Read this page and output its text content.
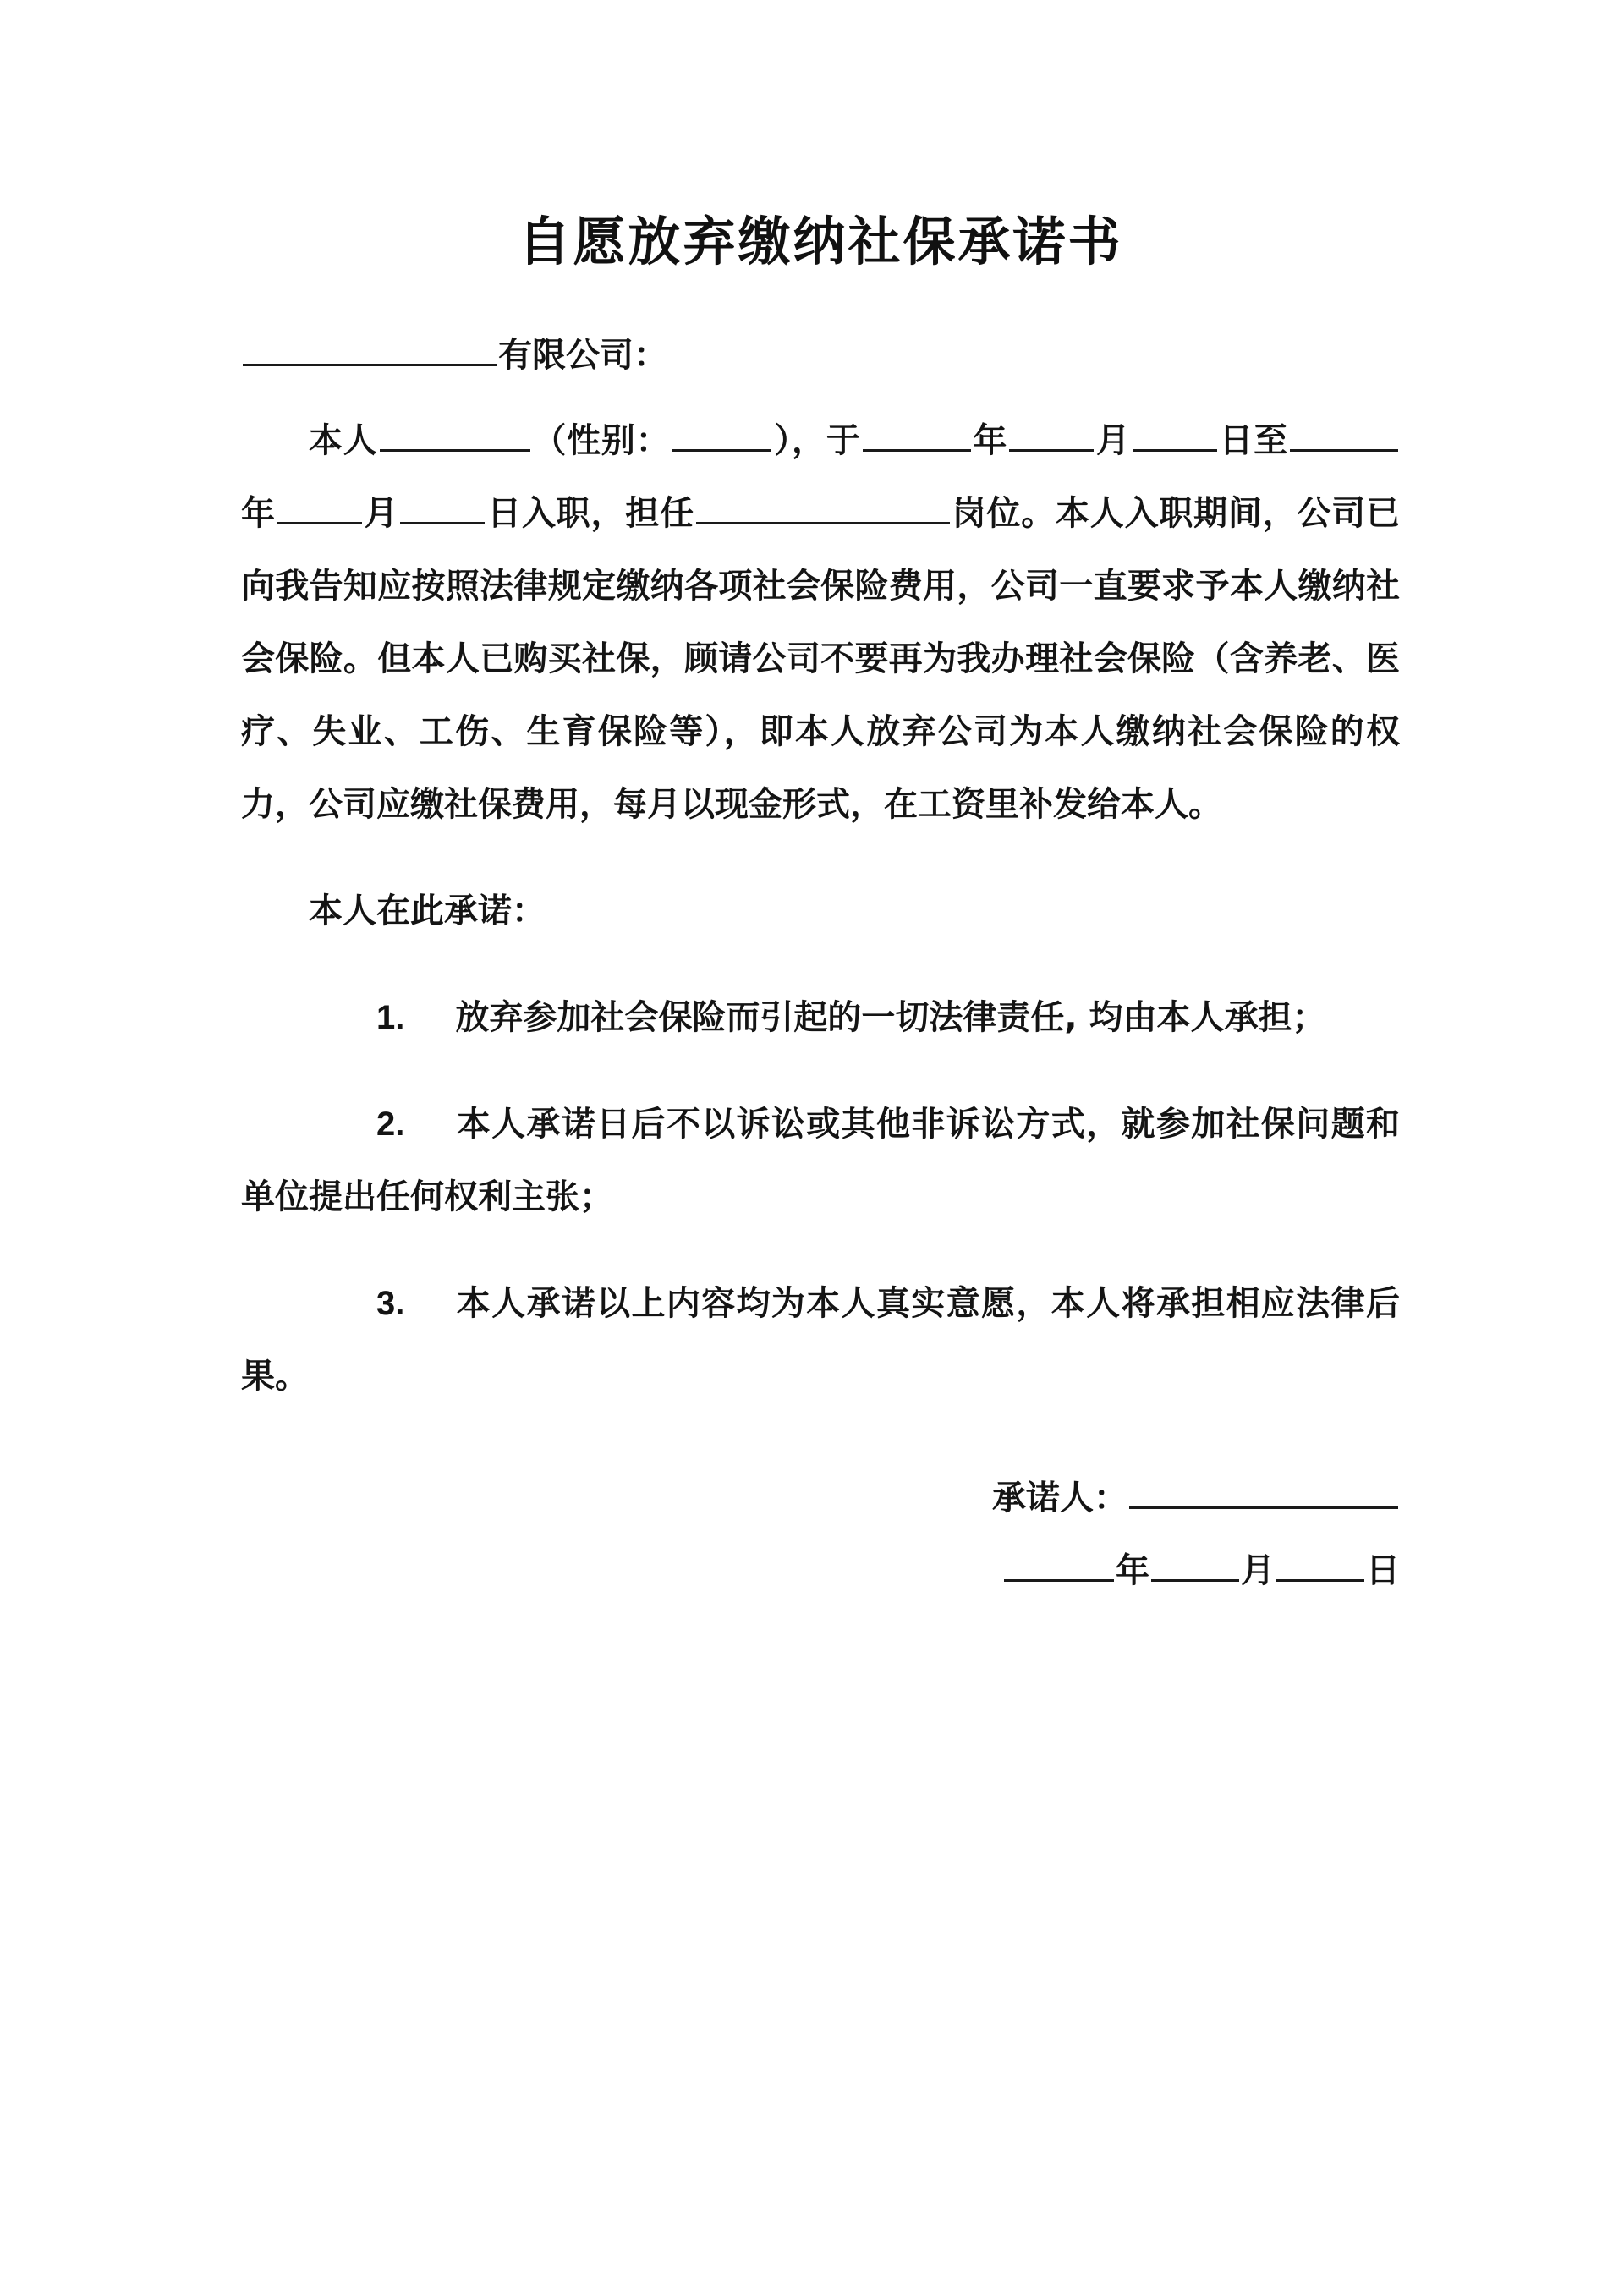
自愿放弃缴纳社保承诺书
有限公司：

本人	（性别：	），于	年	月	日至年	月	日入职，担任	岗位。本人入职期间，公司已向我告知应按照法律规定缴纳各项社会保险费用，公司一直要求予本人缴纳社会保险。但本人已购买社保，顾请公司不要再为我办理社会保险（含养老、医疗、失业、工伤、生育保险等），即本人放弃公司为本人缴纳社会保险的权力，公司应缴社保费用，每月以现金形式，在工资里补发给本人。

本人在此承诺：

1. 放弃参加社会保险而引起的一切法律责任, 均由本人承担；

2. 本人承诺日后不以诉讼或其他非诉讼方式，就参加社保问题和单位提出任何权利主张；

3. 本人承诺以上内容均为本人真实意愿，本人将承担相应法律后果。

承诺人：
年	月	日
